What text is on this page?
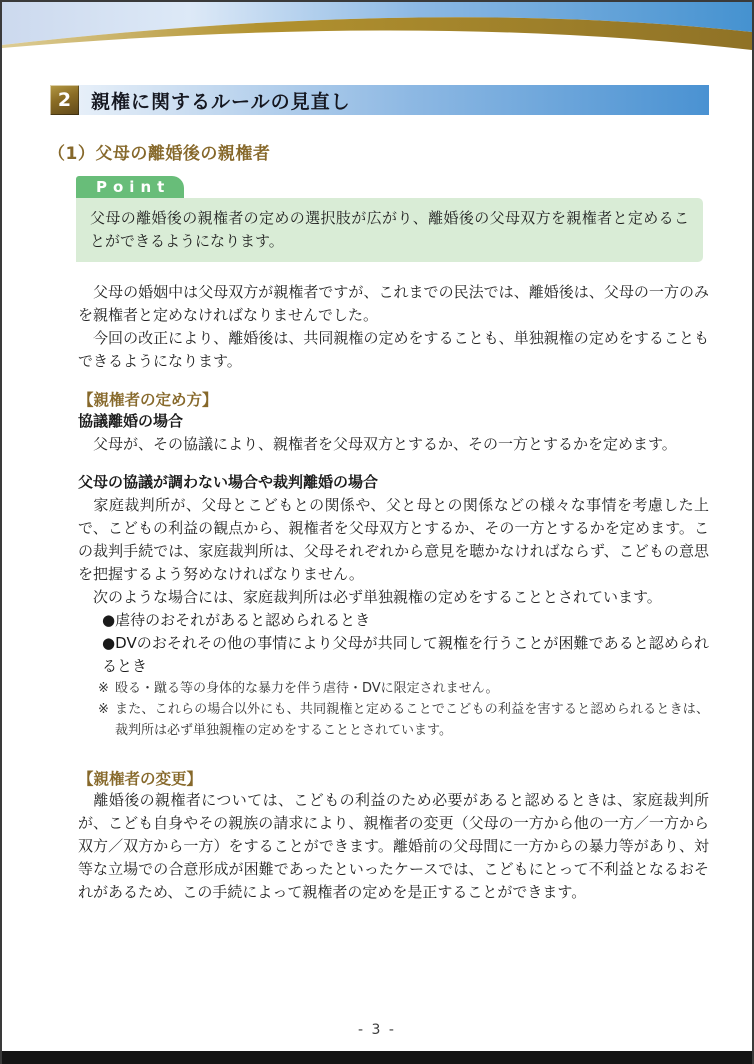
2	親権に関するルールの見直し
（1）父母の離婚後の親権者
Point
父母の離婚後の親権者の定めの選択肢が広がり、離婚後の父母双方を親権者と定めることができるようになります。

　父母の婚姻中は父母双方が親権者ですが、これまでの民法では、離婚後は、父母の一方のみを親権者と定めなければなりませんでした。

　今回の改正により、離婚後は、共同親権の定めをすることも、単独親権の定めをすることもできるようになります。

【親権者の定め方】
協議離婚の場合

　父母が、その協議により、親権者を父母双方とするか、その一方とするかを定めます。

父母の協議が調わない場合や裁判離婚の場合

　家庭裁判所が、父母とこどもとの関係や、父と母との関係などの様々な事情を考慮した上で、こどもの利益の観点から、親権者を父母双方とするか、その一方とするかを定めます。この裁判手続では、家庭裁判所は、父母それぞれから意見を聴かなければならず、こどもの意思を把握するよう努めなければなりません。

　次のような場合には、家庭裁判所は必ず単独親権の定めをすることとされています。

●虐待のおそれがあると認められるとき
●DVのおそれその他の事情により父母が共同して親権を行うことが困難であると認められるとき
※ 殴る・蹴る等の身体的な暴力を伴う虐待・DVに限定されません。
※ また、これらの場合以外にも、共同親権と定めることでこどもの利益を害すると認められるときは、裁判所は必ず単独親権の定めをすることとされています。
【親権者の変更】

　離婚後の親権者については、こどもの利益のため必要があると認めるときは、家庭裁判所が、こども自身やその親族の請求により、親権者の変更（父母の一方から他の一方／一方から双方／双方から一方）をすることができます。離婚前の父母間に一方からの暴力等があり、対等な立場での合意形成が困難であったといったケースでは、こどもにとって不利益となるおそれがあるため、この手続によって親権者の定めを是正することができます。

- 3 -
